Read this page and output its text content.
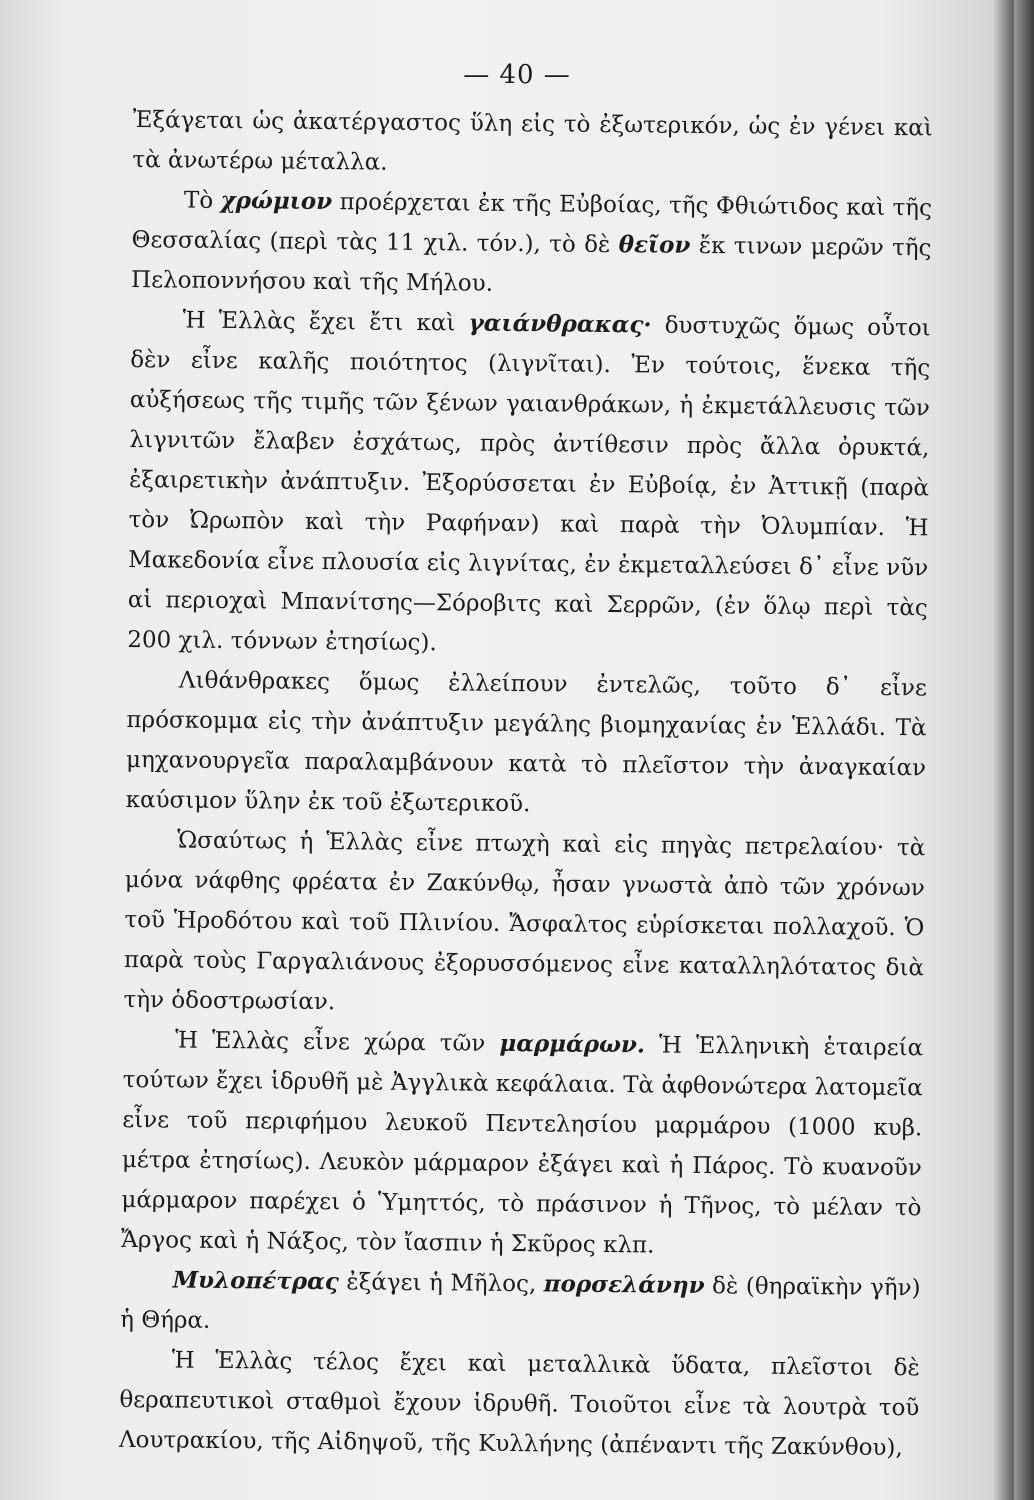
— 40 —

Ἐξάγεται ὡς ἀκατέργαστος ὕλη εἰς τὸ ἐξωτερικόν, ὡς ἐν γένει καὶ τὰ ἀνωτέρω μέταλλα.

Τὸ χρώμιον προέρχεται ἐκ τῆς Εὐβοίας, τῆς Φθιώτιδος καὶ τῆς Θεσσαλίας (περὶ τὰς 11 χιλ. τόν.), τὸ δὲ θεῖον ἔκ τινων μερῶν τῆς Πελοποννήσου καὶ τῆς Μήλου.

Ἡ Ἑλλὰς ἔχει ἔτι καὶ γαιάνθρακας· δυστυχῶς ὅμως οὗτοι δὲν εἶνε καλῆς ποιότητος (λιγνῖται). Ἐν τούτοις, ἕνεκα τῆς αὐξήσεως τῆς τιμῆς τῶν ξένων γαιανθράκων, ἡ ἐκμετάλλευσις τῶν λιγνιτῶν ἔλαβεν ἐσχάτως, πρὸς ἀντίθεσιν πρὸς ἄλλα ὀρυκτά, ἐξαιρετικὴν ἀνάπτυξιν. Ἐξορύσσεται ἐν Εὐβοίᾳ, ἐν Ἀττικῇ (παρὰ τὸν Ὠρωπὸν καὶ τὴν Ραφήναν) καὶ παρὰ τὴν Ὀλυμπίαν. Ἡ Μακεδονία εἶνε πλουσία εἰς λιγνίτας, ἐν ἐκμεταλλεύσει δ᾽ εἶνε νῦν αἱ περιοχαὶ Μπανίτσης—Σόροβιτς καὶ Σερρῶν, (ἐν ὅλῳ περὶ τὰς 200 χιλ. τόννων ἐτησίως).

Λιθάνθρακες ὅμως ἐλλείπουν ἐντελῶς, τοῦτο δ᾽ εἶνε πρόσκομμα εἰς τὴν ἀνάπτυξιν μεγάλης βιομηχανίας ἐν Ἑλλάδι. Τὰ μηχανουργεῖα παραλαμβάνουν κατὰ τὸ πλεῖστον τὴν ἀναγκαίαν καύσιμον ὕλην ἐκ τοῦ ἐξωτερικοῦ.

Ὡσαύτως ἡ Ἑλλὰς εἶνε πτωχὴ καὶ εἰς πηγὰς πετρελαίου· τὰ μόνα νάφθης φρέατα ἐν Ζακύνθῳ, ἦσαν γνωστὰ ἀπὸ τῶν χρόνων τοῦ Ἡροδότου καὶ τοῦ Πλινίου. Ἄσφαλτος εὑρίσκεται πολλαχοῦ. Ὁ παρὰ τοὺς Γαργαλιάνους ἐξορυσσόμενος εἶνε καταλληλότατος διὰ τὴν ὁδοστρωσίαν.

Ἡ Ἑλλὰς εἶνε χώρα τῶν μαρμάρων. Ἡ Ἑλληνικὴ ἑταιρεία τούτων ἔχει ἱδρυθῆ μὲ Ἀγγλικὰ κεφάλαια. Τὰ ἀφθονώτερα λατομεῖα εἶνε τοῦ περιφήμου λευκοῦ Πεντελησίου μαρμάρου (1000 κυβ. μέτρα ἐτησίως). Λευκὸν μάρμαρον ἐξάγει καὶ ἡ Πάρος. Τὸ κυανοῦν μάρμαρον παρέχει ὁ Ὑμηττός, τὸ πράσινον ἡ Τῆνος, τὸ μέλαν τὸ Ἄργος καὶ ἡ Νάξος, τὸν ἴασπιν ἡ Σκῦρος κλπ.

Μυλοπέτρας ἐξάγει ἡ Μῆλος, πορσελάνην δὲ (θηραϊκὴν γῆν) ἡ Θήρα.

Ἡ Ἑλλὰς τέλος ἔχει καὶ μεταλλικὰ ὕδατα, πλεῖστοι δὲ θεραπευτικοὶ σταθμοὶ ἔχουν ἱδρυθῆ. Τοιοῦτοι εἶνε τὰ λουτρὰ τοῦ Λουτρακίου, τῆς Αἰδηψοῦ, τῆς Κυλλήνης (ἀπέναντι τῆς Ζακύνθου),
